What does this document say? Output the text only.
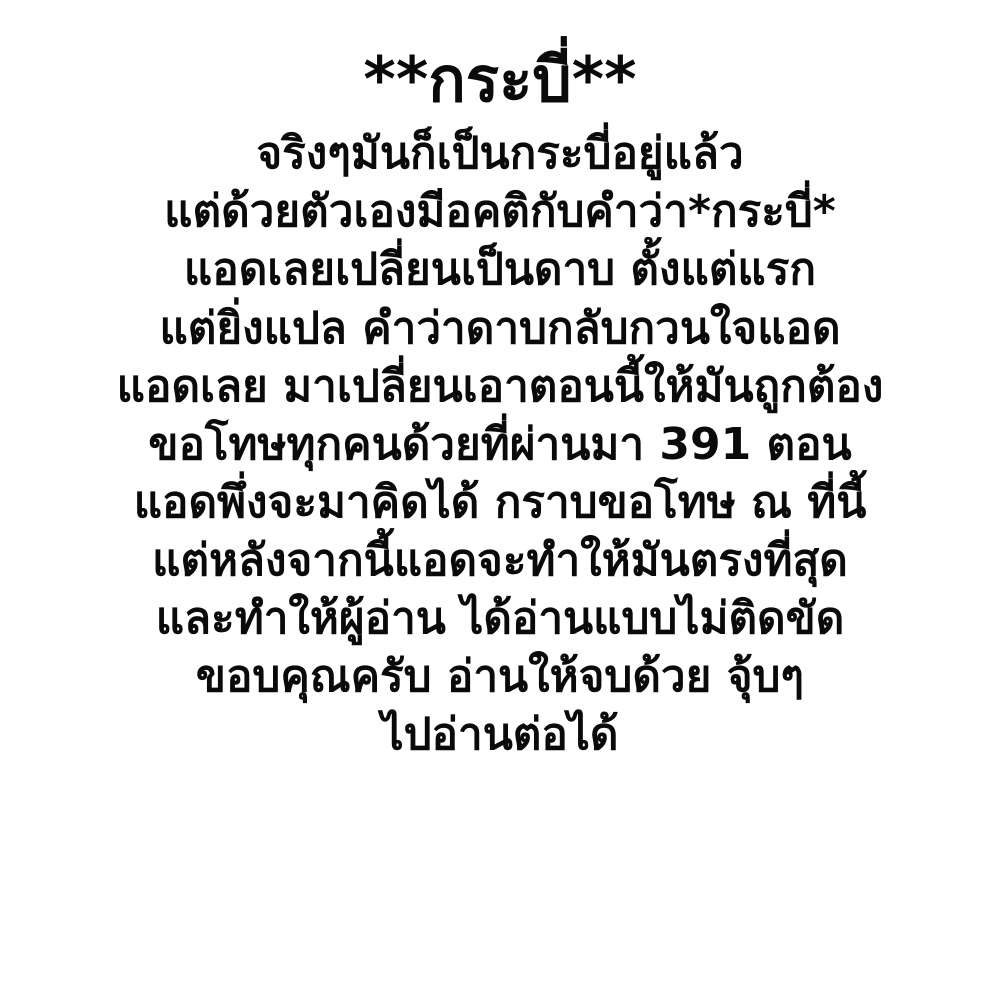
**กระบี่**
จริงๆมันก็เป็นกระบี่อยู่แล้ว
แต่ด้วยตัวเองมีอคติกับคำว่า*กระบี่*
แอดเลยเปลี่ยนเป็นดาบ ตั้งแต่แรก
แต่ยิ่งแปล คำว่าดาบกลับกวนใจแอด
แอดเลย มาเปลี่ยนเอาตอนนี้ให้มันถูกต้อง
ขอโทษทุกคนด้วยที่ผ่านมา 391 ตอน
แอดพึ่งจะมาคิดได้ กราบขอโทษ ณ ที่นี้
แต่หลังจากนี้แอดจะทำให้มันตรงที่สุด
และทำให้ผู้อ่าน ได้อ่านแบบไม่ติดขัด
ขอบคุณครับ อ่านให้จบด้วย จุ้บๆ
ไปอ่านต่อได้
